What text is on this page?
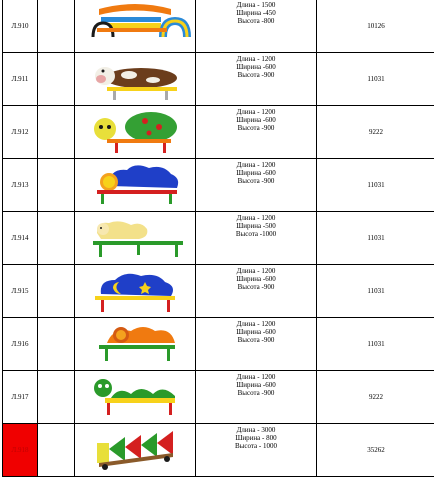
Л.910			Длина - 1500
Ширина -450
Высота -800	10126
Л.911			Длина - 1200
Ширина -600
Высота -900	11031
Л.912			Длина - 1200
Ширина -600
Высота -900	9222
Л.913			Длина - 1200
Ширина -600
Высота -900	11031
Л.914			Длина - 1200
Ширина -500
Высота -1000	11031
Л.915			Длина - 1200
Ширина -600
Высота -900	11031
Л.916			Длина - 1200
Ширина -600
Высота -900	11031
Л.917			Длина - 1200
Ширина -600
Высота -900	9222
Л.918			Длина - 3000
Ширина - 800
Высота - 1000	35262
